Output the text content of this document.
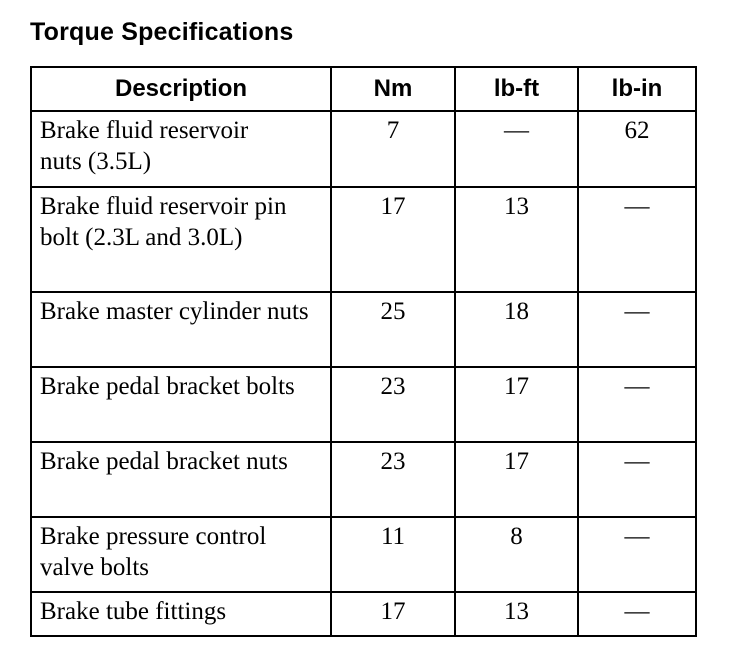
Torque Specifications
Description	Nm	lb-ft	lb-in
Brake fluid reservoir nuts (3.5L)	7	—	62
Brake fluid reservoir pin bolt (2.3L and 3.0L)	17	13	—
Brake master cylinder nuts	25	18	—
Brake pedal bracket bolts	23	17	—
Brake pedal bracket nuts	23	17	—
Brake pressure control valve bolts	11	8	—
Brake tube fittings	17	13	—
